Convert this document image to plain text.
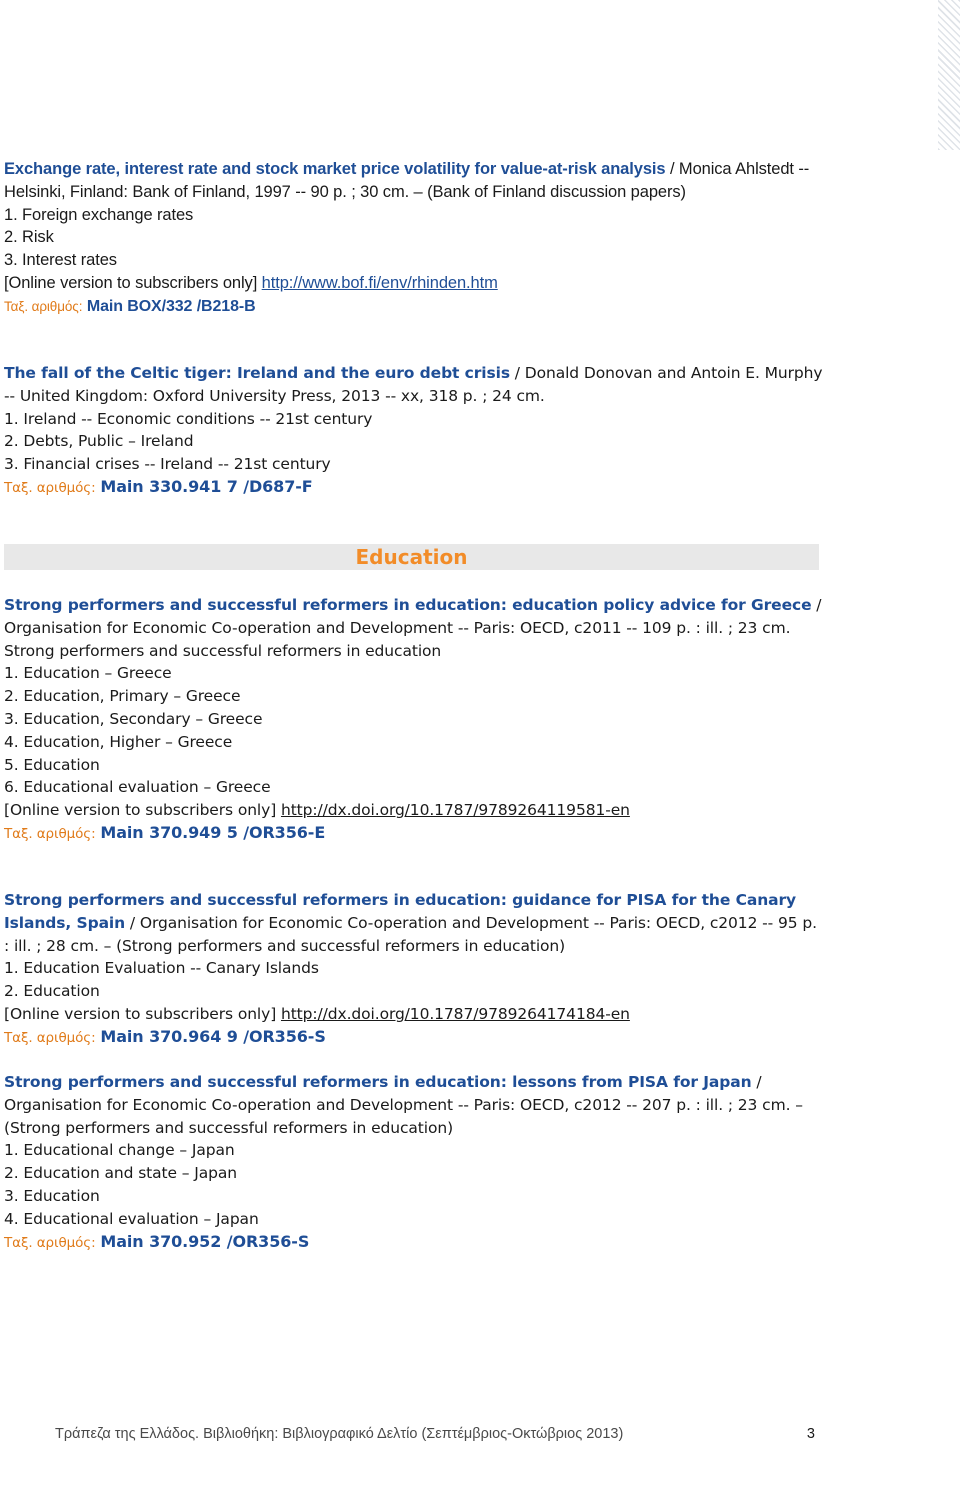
Exchange rate, interest rate and stock market price volatility for value-at-risk analysis / Monica Ahlstedt -- Helsinki, Finland: Bank of Finland, 1997 -- 90 p. ; 30 cm. – (Bank of Finland discussion papers)
1. Foreign exchange rates
2. Risk
3. Interest rates
[Online version to subscribers only] http://www.bof.fi/env/rhinden.htm
Ταξ. αριθμός: Main BOX/332 /B218-B
The fall of the Celtic tiger: Ireland and the euro debt crisis / Donald Donovan and Antoin E. Murphy -- United Kingdom: Oxford University Press, 2013 -- xx, 318 p. ; 24 cm.
1. Ireland -- Economic conditions -- 21st century
2. Debts, Public – Ireland
3. Financial crises -- Ireland -- 21st century
Ταξ. αριθμός: Main 330.941 7 /D687-F
Education
Strong performers and successful reformers in education: education policy advice for Greece / Organisation for Economic Co-operation and Development -- Paris: OECD, c2011 -- 109 p. : ill. ; 23 cm.
Strong performers and successful reformers in education
1. Education – Greece
2. Education, Primary – Greece
3. Education, Secondary – Greece
4. Education, Higher – Greece
5. Education
6. Educational evaluation – Greece
[Online version to subscribers only] http://dx.doi.org/10.1787/9789264119581-en
Ταξ. αριθμός: Main 370.949 5 /OR356-E
Strong performers and successful reformers in education: guidance for PISA for the Canary Islands, Spain / Organisation for Economic Co-operation and Development -- Paris: OECD, c2012 -- 95 p. : ill. ; 28 cm. – (Strong performers and successful reformers in education)
1. Education Evaluation -- Canary Islands
2. Education
[Online version to subscribers only] http://dx.doi.org/10.1787/9789264174184-en
Ταξ. αριθμός: Main 370.964 9 /OR356-S
Strong performers and successful reformers in education: lessons from PISA for Japan / Organisation for Economic Co-operation and Development -- Paris: OECD, c2012 -- 207 p. : ill. ; 23 cm. – (Strong performers and successful reformers in education)
1. Educational change – Japan
2. Education and state – Japan
3. Education
4. Educational evaluation – Japan
Ταξ. αριθμός: Main 370.952 /OR356-S
Τράπεζα της Ελλάδος. Βιβλιοθήκη: Βιβλιογραφικό Δελτίο (Σεπτέμβριος-Οκτώβριος 2013)	3
